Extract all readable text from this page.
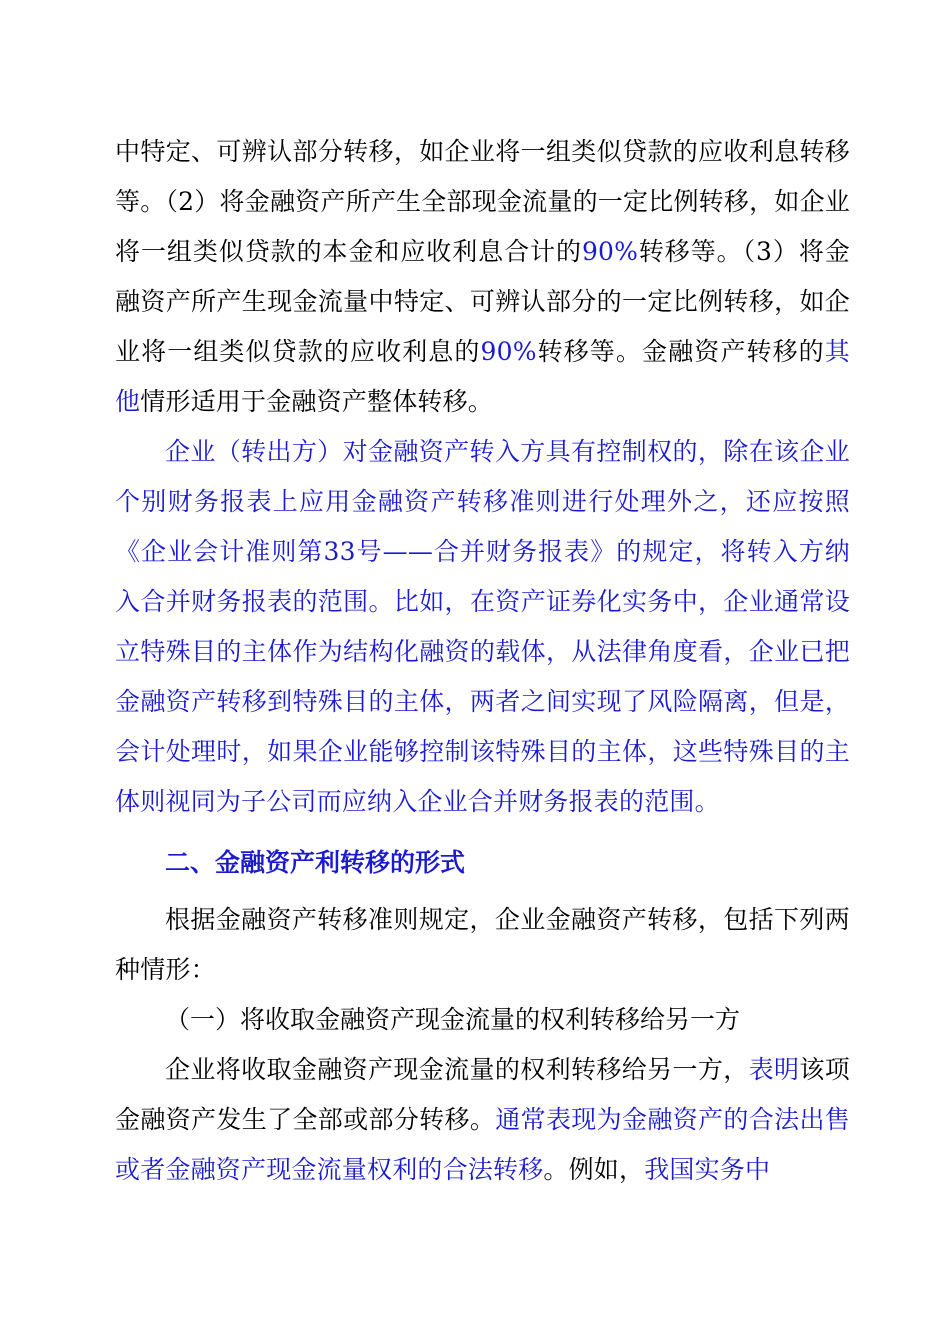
中特定、可辨认部分转移，如企业将一组类似贷款的应收利息转移等。（2）将金融资产所产生全部现金流量的一定比例转移，如企业将一组类似贷款的本金和应收利息合计的90%转移等。（3）将金融资产所产生现金流量中特定、可辨认部分的一定比例转移，如企业将一组类似贷款的应收利息的90%转移等。金融资产转移的其他情形适用于金融资产整体转移。

企业（转出方）对金融资产转入方具有控制权的，除在该企业个别财务报表上应用金融资产转移准则进行处理外之，还应按照《企业会计准则第33号——合并财务报表》的规定，将转入方纳入合并财务报表的范围。比如，在资产证券化实务中，企业通常设立特殊目的主体作为结构化融资的载体，从法律角度看，企业已把金融资产转移到特殊目的主体，两者之间实现了风险隔离，但是，会计处理时，如果企业能够控制该特殊目的主体，这些特殊目的主体则视同为子公司而应纳入企业合并财务报表的范围。

二、金融资产利转移的形式

根据金融资产转移准则规定，企业金融资产转移，包括下列两种情形：

（一）将收取金融资产现金流量的权利转移给另一方

企业将收取金融资产现金流量的权利转移给另一方，表明该项金融资产发生了全部或部分转移。通常表现为金融资产的合法出售或者金融资产现金流量权利的合法转移。例如，我国实务中
